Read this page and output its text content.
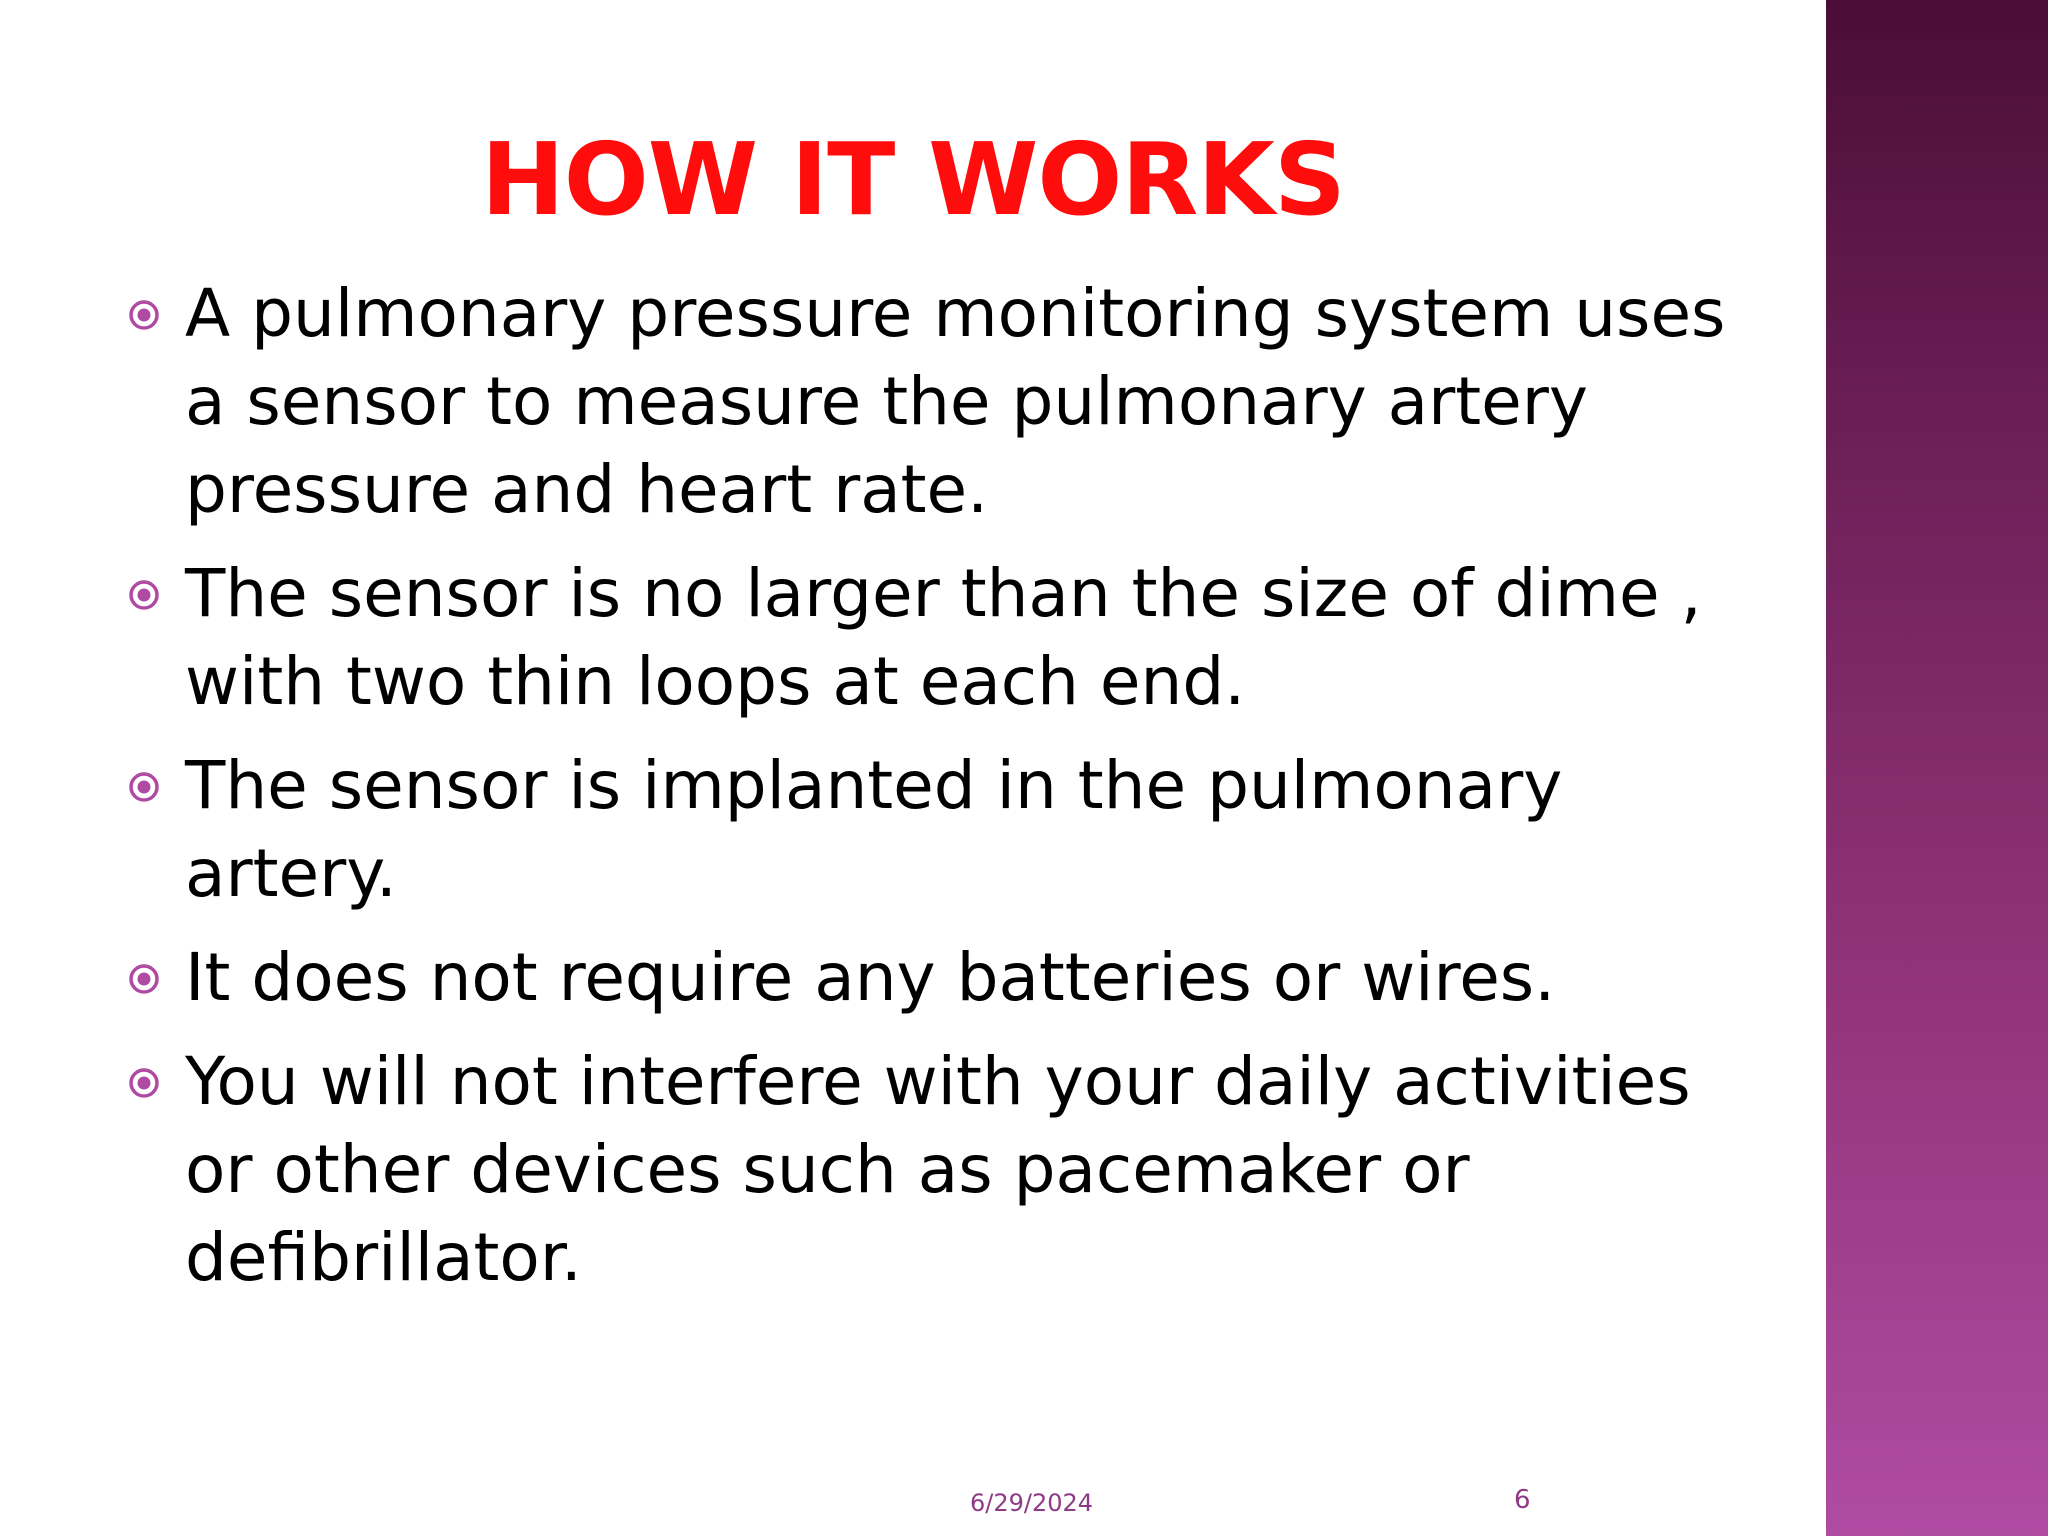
HOW IT WORKS
A pulmonary pressure monitoring system uses a sensor to measure the pulmonary artery pressure and heart rate.
The sensor is no larger than the size of dime , with two thin loops at each end.
The sensor is implanted in the pulmonary artery.
It does not require any batteries or wires.
You will not interfere with your daily activities or other devices such as pacemaker or defibrillator.
6/29/2024	6
